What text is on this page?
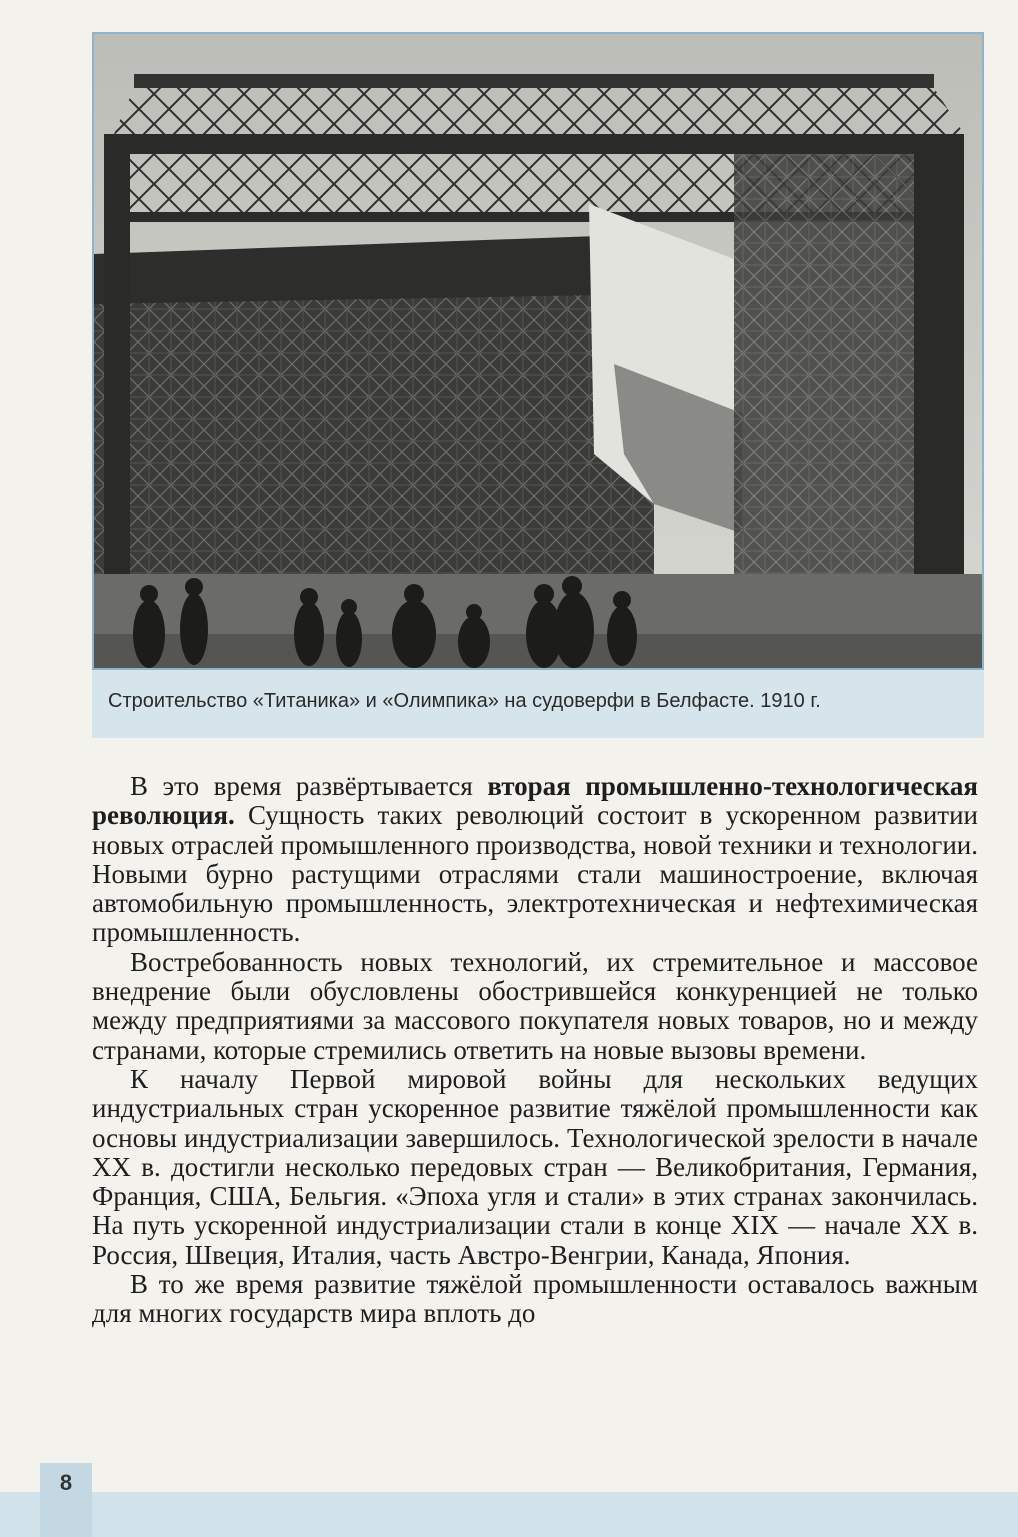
Строительство «Титаника» и «Олимпика» на судоверфи в Белфасте. 1910 г.

В это время развёртывается вторая промышленно-технологическая революция. Сущность таких революций состоит в ускоренном развитии новых отраслей промышленного производства, новой техники и технологии. Новыми бурно растущими отраслями стали машиностроение, включая автомобильную промышленность, электротехническая и нефтехимическая промышленность.

Востребованность новых технологий, их стремительное и массовое внедрение были обусловлены обострившейся конкуренцией не только между предприятиями за массового покупателя новых товаров, но и между странами, которые стремились ответить на новые вызовы времени.

К началу Первой мировой войны для нескольких ведущих индустриальных стран ускоренное развитие тяжёлой промышленности как основы индустриализации завершилось. Технологической зрелости в начале XX в. достигли несколько передовых стран — Великобритания, Германия, Франция, США, Бельгия. «Эпоха угля и стали» в этих странах закончилась. На путь ускоренной индустриализации стали в конце XIX — начале XX в. Россия, Швеция, Италия, часть Австро-Венгрии, Канада, Япония.

В то же время развитие тяжёлой промышленности оставалось важным для многих государств мира вплоть до

8
